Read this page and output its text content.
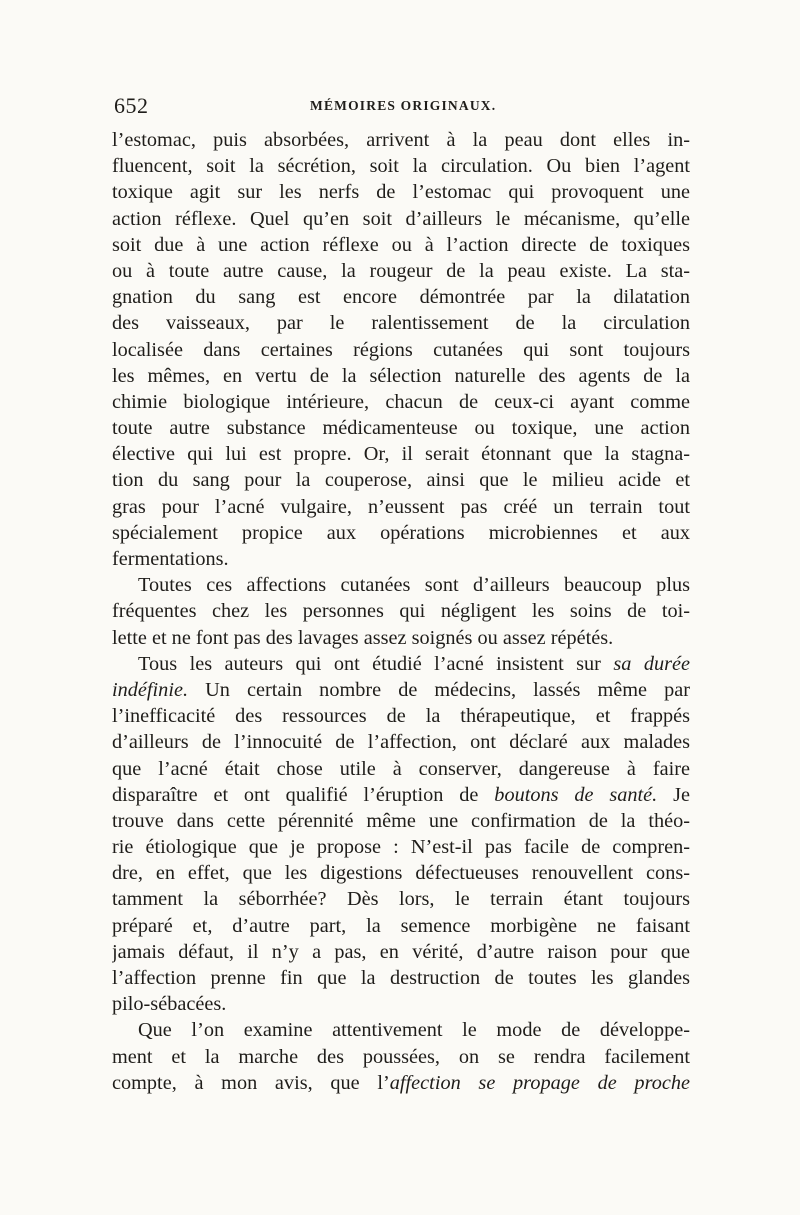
652	MÉMOIRES ORIGINAUX.
l’estomac, puis absorbées, arrivent à la peau dont elles in-
fluencent, soit la sécrétion, soit la circulation. Ou bien l’agent
toxique agit sur les nerfs de l’estomac qui provoquent une
action réflexe. Quel qu’en soit d’ailleurs le mécanisme, qu’elle
soit due à une action réflexe ou à l’action directe de toxiques
ou à toute autre cause, la rougeur de la peau existe. La sta-
gnation du sang est encore démontrée par la dilatation
des vaisseaux, par le ralentissement de la circulation
localisée dans certaines régions cutanées qui sont toujours
les mêmes, en vertu de la sélection naturelle des agents de la
chimie biologique intérieure, chacun de ceux-ci ayant comme
toute autre substance médicamenteuse ou toxique, une action
élective qui lui est propre. Or, il serait étonnant que la stagna-
tion du sang pour la couperose, ainsi que le milieu acide et
gras pour l’acné vulgaire, n’eussent pas créé un terrain tout
spécialement propice aux opérations microbiennes et aux
fermentations.
Toutes ces affections cutanées sont d’ailleurs beaucoup plus
fréquentes chez les personnes qui négligent les soins de toi-
lette et ne font pas des lavages assez soignés ou assez répétés.
Tous les auteurs qui ont étudié l’acné insistent sur sa durée
indéfinie. Un certain nombre de médecins, lassés même par
l’inefficacité des ressources de la thérapeutique, et frappés
d’ailleurs de l’innocuité de l’affection, ont déclaré aux malades
que l’acné était chose utile à conserver, dangereuse à faire
disparaître et ont qualifié l’éruption de boutons de santé. Je
trouve dans cette pérennité même une confirmation de la théo-
rie étiologique que je propose : N’est-il pas facile de compren-
dre, en effet, que les digestions défectueuses renouvellent cons-
tamment la séborrhée? Dès lors, le terrain étant toujours
préparé et, d’autre part, la semence morbigène ne faisant
jamais défaut, il n’y a pas, en vérité, d’autre raison pour que
l’affection prenne fin que la destruction de toutes les glandes
pilo-sébacées.
Que l’on examine attentivement le mode de développe-
ment et la marche des poussées, on se rendra facilement
compte, à mon avis, que l’affection se propage de proche
